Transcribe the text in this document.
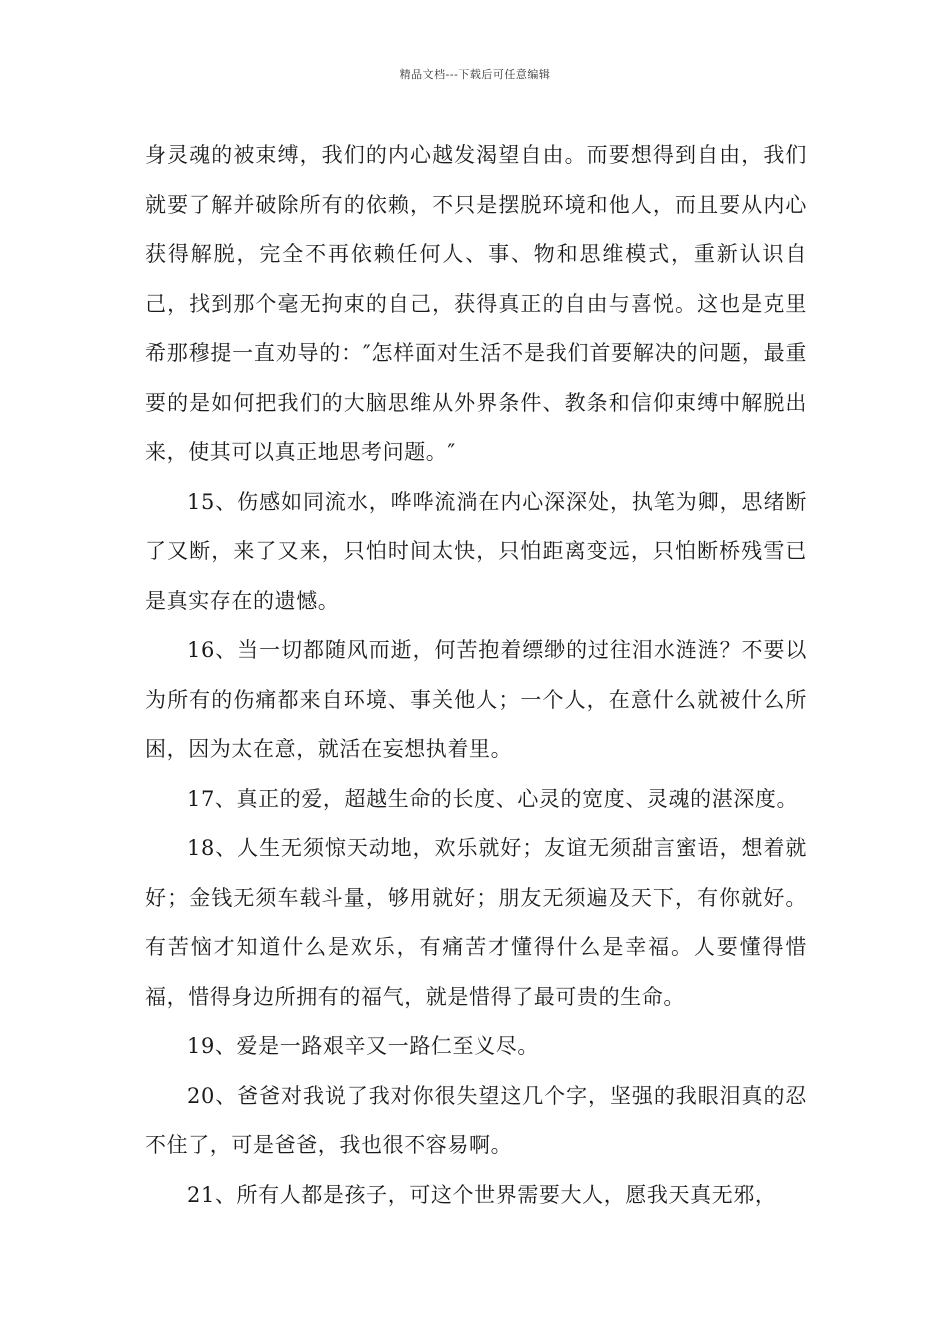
精品文档---下载后可任意编辑

身灵魂的被束缚，我们的内心越发渴望自由。而要想得到自由，我们就要了解并破除所有的依赖，不只是摆脱环境和他人，而且要从内心获得解脱，完全不再依赖任何人、事、物和思维模式，重新认识自己，找到那个毫无拘束的自己，获得真正的自由与喜悦。这也是克里希那穆提一直劝导的：″怎样面对生活不是我们首要解决的问题，最重要的是如何把我们的大脑思维从外界条件、教条和信仰束缚中解脱出来，使其可以真正地思考问题。″

15、伤感如同流水，哗哗流淌在内心深深处，执笔为卿，思绪断了又断，来了又来，只怕时间太快，只怕距离变远，只怕断桥残雪已是真实存在的遗憾。

16、当一切都随风而逝，何苦抱着缥缈的过往泪水涟涟？不要以为所有的伤痛都来自环境、事关他人；一个人，在意什么就被什么所困，因为太在意，就活在妄想执着里。

17、真正的爱，超越生命的长度、心灵的宽度、灵魂的湛深度。

18、人生无须惊天动地，欢乐就好；友谊无须甜言蜜语，想着就好；金钱无须车载斗量，够用就好；朋友无须遍及天下，有你就好。有苦恼才知道什么是欢乐，有痛苦才懂得什么是幸福。人要懂得惜福，惜得身边所拥有的福气，就是惜得了最可贵的生命。

19、爱是一路艰辛又一路仁至义尽。

20、爸爸对我说了我对你很失望这几个字，坚强的我眼泪真的忍不住了，可是爸爸，我也很不容易啊。

21、所有人都是孩子，可这个世界需要大人，愿我天真无邪，
